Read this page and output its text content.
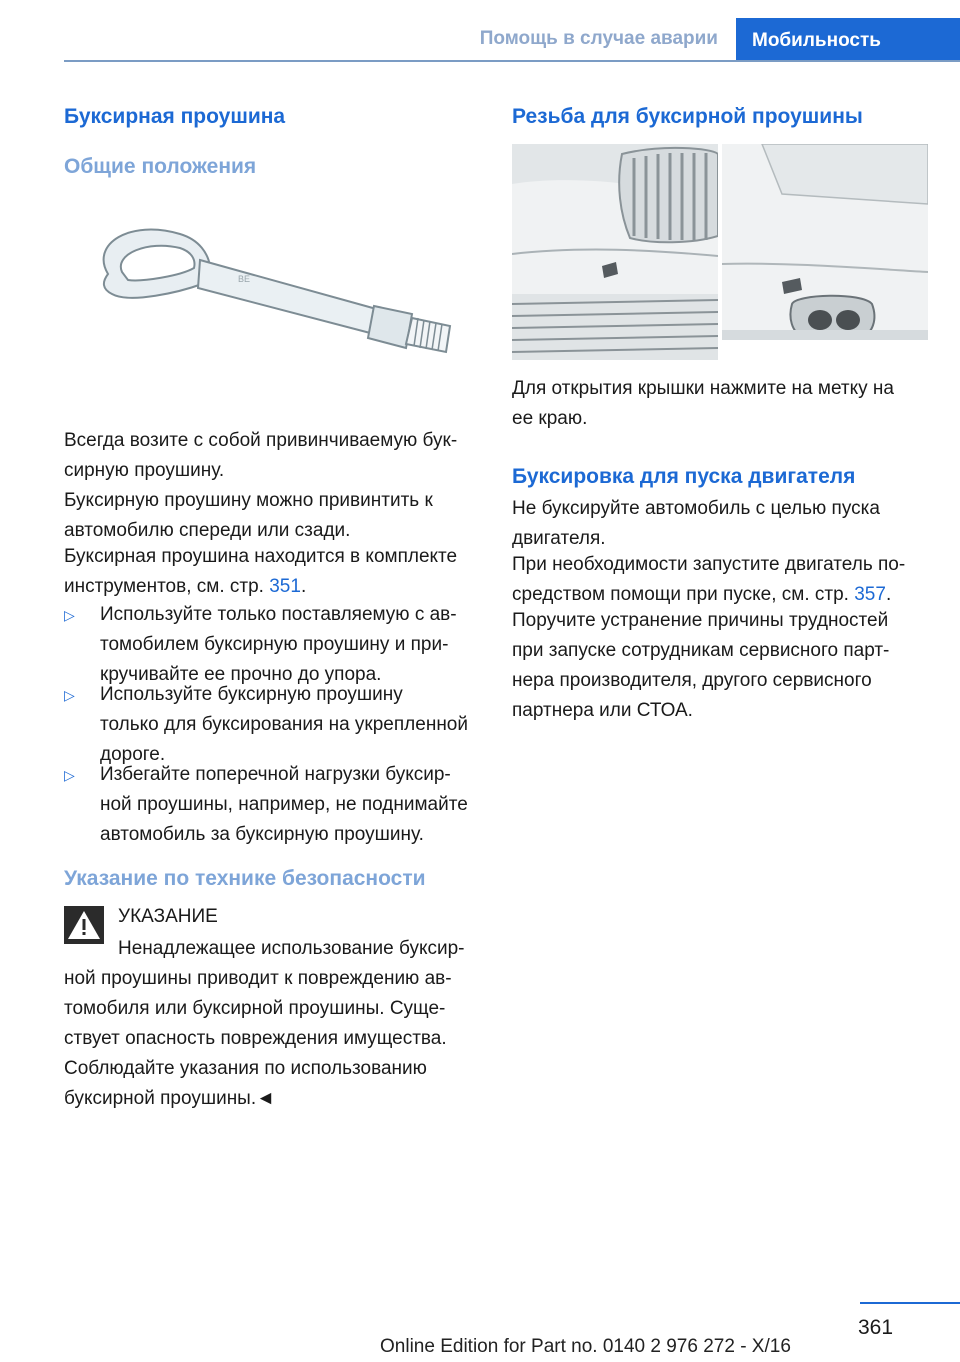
Помощь в случае аварии	Мобильность
Буксирная проушина
Общие положения
BE

Всегда возите с собой привинчиваемую бук-
сирную проушину.

Буксирную проушину можно привинтить к
автомобилю спереди или сзади.

Буксирная проушина находится в комплекте
инструментов, см. стр. 351.

▷ Используйте только поставляемую с ав-
томобилем буксирную проушину и при-
кручивайте ее прочно до упора.
▷ Используйте буксирную проушину
только для буксирования на укрепленной
дороге.
▷ Избегайте поперечной нагрузки буксир-
ной проушины, например, не поднимайте
автомобиль за буксирную проушину.
Указание по технике безопасности
УКАЗАНИЕ

Ненадлежащее использование буксир-
ной проушины приводит к повреждению ав-
томобиля или буксирной проушины. Суще-
ствует опасность повреждения имущества.
Соблюдайте указания по использованию
буксирной проушины.◄

Резьба для буксирной проушины

Для открытия крышки нажмите на метку на
ее краю.

Буксировка для пуска двигателя

Не буксируйте автомобиль с целью пуска
двигателя.

При необходимости запустите двигатель по-
средством помощи при пуске, см. стр. 357.

Поручите устранение причины трудностей
при запуске сотрудникам сервисного парт-
нера производителя, другого сервисного
партнера или СТОА.

361
Online Edition for Part no. 0140 2 976 272 - X/16
